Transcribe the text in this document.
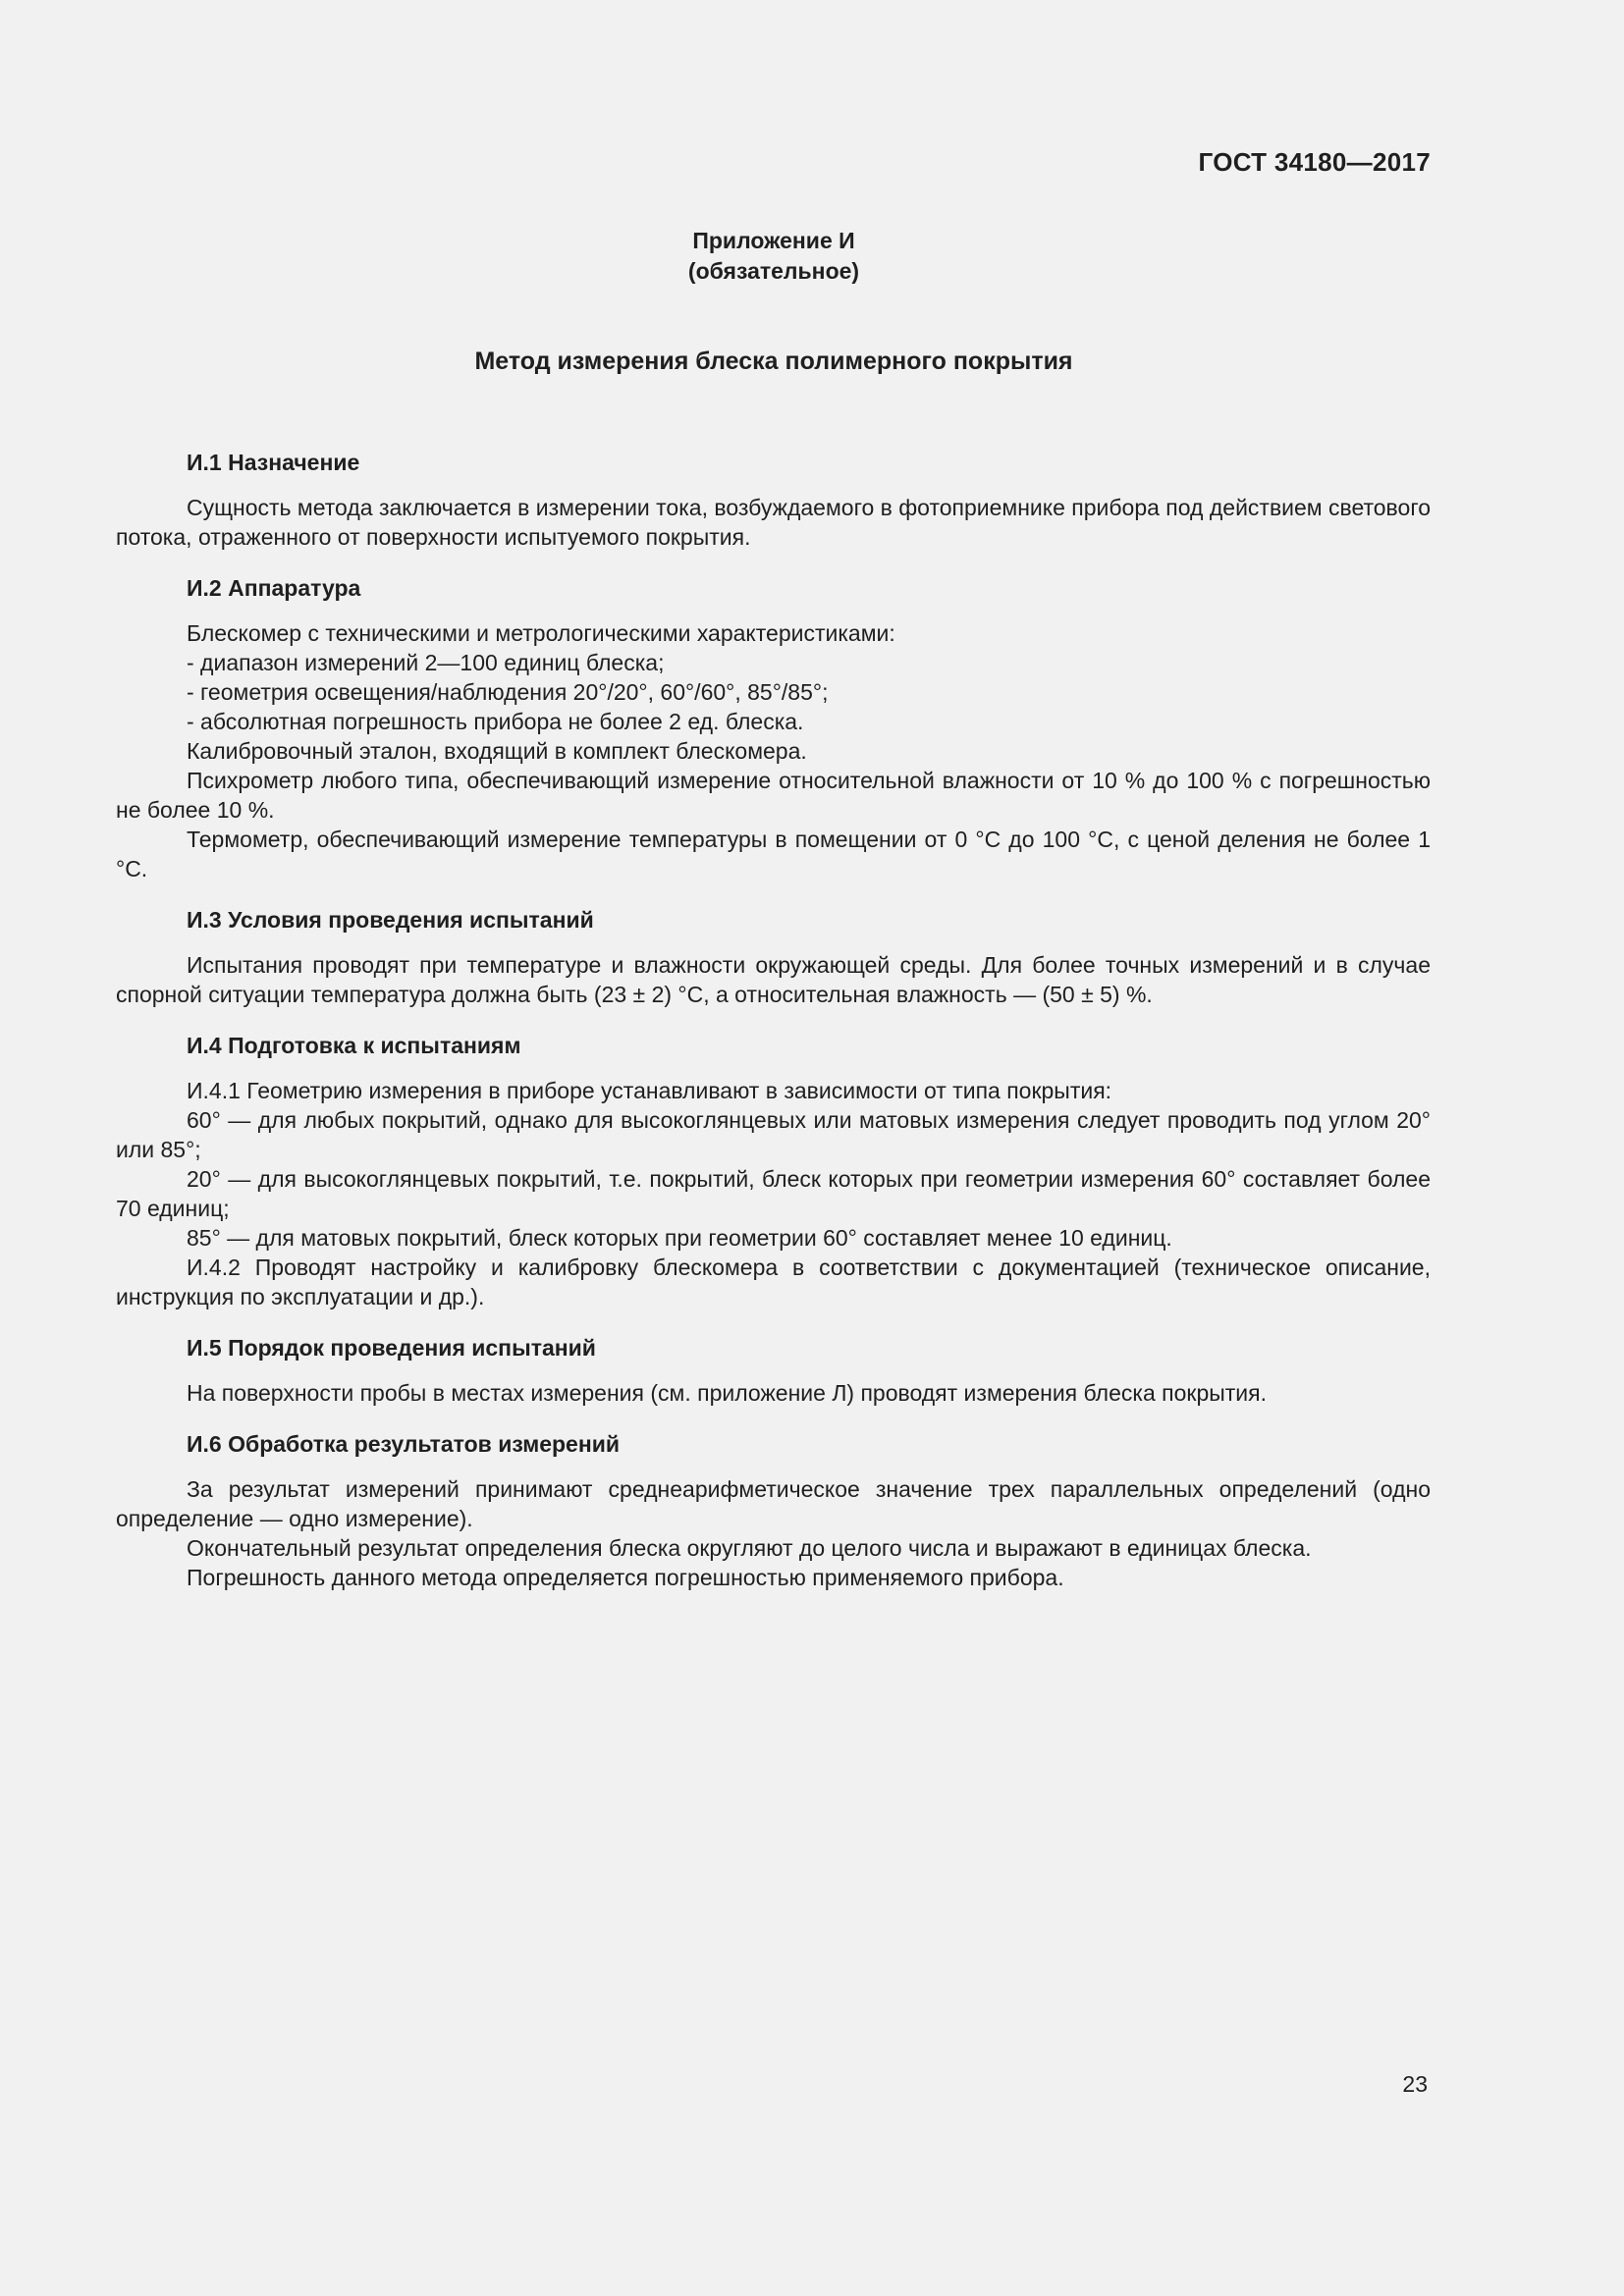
ГОСТ 34180—2017
Приложение И
(обязательное)
Метод измерения блеска полимерного покрытия

И.1 Назначение

Сущность метода заключается в измерении тока, возбуждаемого в фотоприемнике прибора под действием светового потока, отраженного от поверхности испытуемого покрытия.

И.2 Аппаратура

Блескомер с техническими и метрологическими характеристиками:

- диапазон измерений 2—100 единиц блеска;

- геометрия освещения/наблюдения 20°/20°, 60°/60°, 85°/85°;

- абсолютная погрешность прибора не более 2 ед. блеска.

Калибровочный эталон, входящий в комплект блескомера.

Психрометр любого типа, обеспечивающий измерение относительной влажности от 10 % до 100 % с погрешностью не более 10 %.

Термометр, обеспечивающий измерение температуры в помещении от 0 °С до 100 °С, с ценой деления не более 1 °С.

И.3 Условия проведения испытаний

Испытания проводят при температуре и влажности окружающей среды. Для более точных измерений и в случае спорной ситуации температура должна быть (23 ± 2) °С, а относительная влажность — (50 ± 5) %.

И.4 Подготовка к испытаниям

И.4.1 Геометрию измерения в приборе устанавливают в зависимости от типа покрытия:

60° — для любых покрытий, однако для высокоглянцевых или матовых измерения следует проводить под углом 20° или 85°;

20° — для высокоглянцевых покрытий, т.е. покрытий, блеск которых при геометрии измерения 60° составляет более 70 единиц;

85° — для матовых покрытий, блеск которых при геометрии 60° составляет менее 10 единиц.

И.4.2 Проводят настройку и калибровку блескомера в соответствии с документацией (техническое описание, инструкция по эксплуатации и др.).

И.5 Порядок проведения испытаний

На поверхности пробы в местах измерения (см. приложение Л) проводят измерения блеска покрытия.

И.6 Обработка результатов измерений

За результат измерений принимают среднеарифметическое значение трех параллельных определений (одно определение — одно измерение).

Окончательный результат определения блеска округляют до целого числа и выражают в единицах блеска.

Погрешность данного метода определяется погрешностью применяемого прибора.

23
